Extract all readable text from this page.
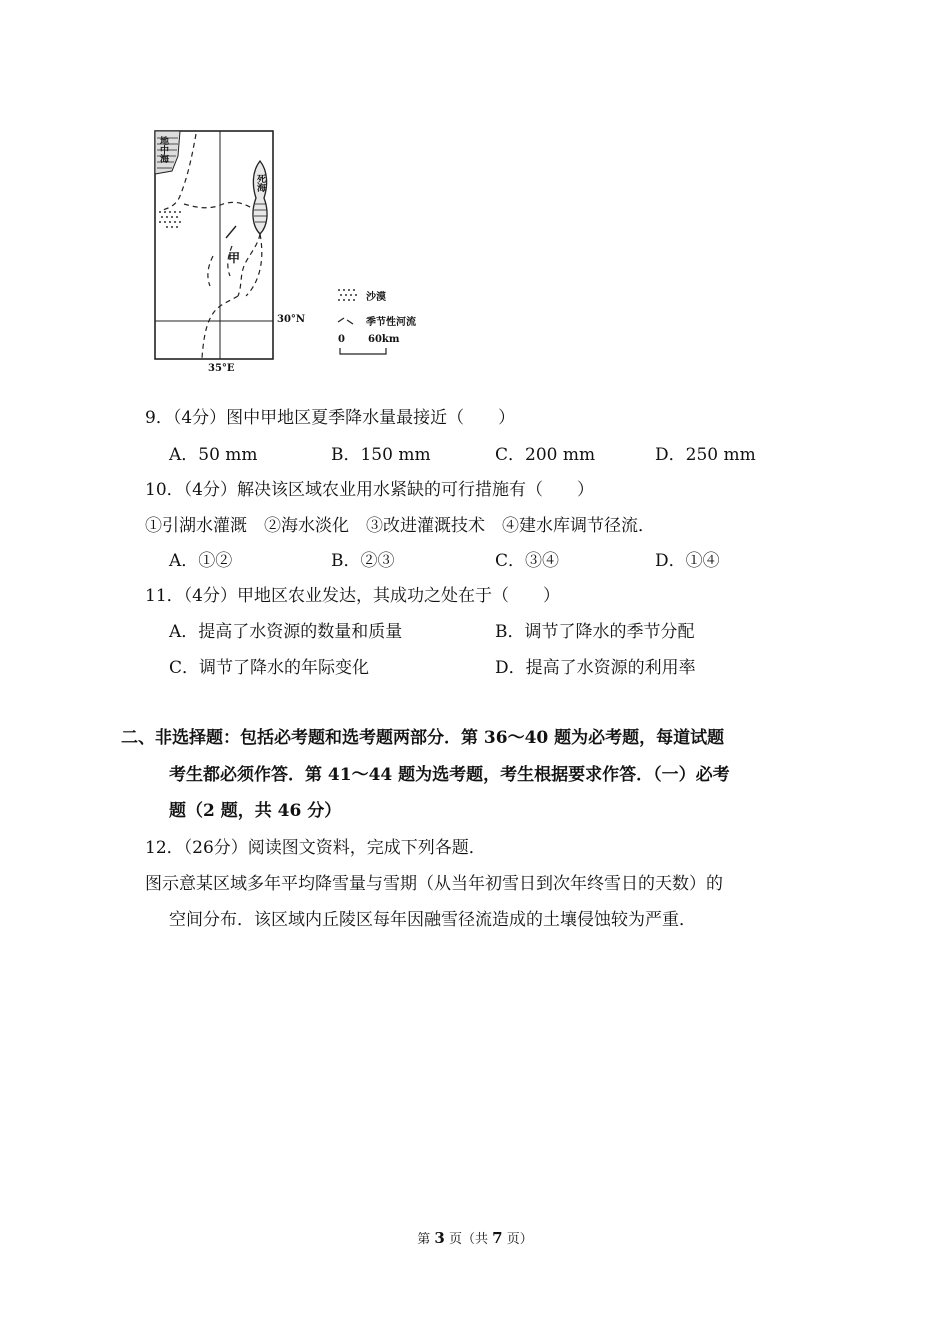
地中海
死海
甲
30°N
35°E
沙漠
季节性河流
0 60km
9．（4分）图中甲地区夏季降水量最接近（　　）
A．50 mm	B．150 mm	C．200 mm	D．250 mm
10．（4分）解决该区域农业用水紧缺的可行措施有（　　）
①引湖水灌溉　②海水淡化　③改进灌溉技术　④建水库调节径流．
A．①②	B．②③	C．③④	D．①④
11．（4分）甲地区农业发达，其成功之处在于（　　）
A．提高了水资源的数量和质量	B．调节了降水的季节分配
C．调节了降水的年际变化	D．提高了水资源的利用率
二、非选择题：包括必考题和选考题两部分．第 36～40 题为必考题，每道试题
考生都必须作答．第 41～44 题为选考题，考生根据要求作答．（一）必考
题（2 题，共 46 分）
12．（26分）阅读图文资料，完成下列各题．
图示意某区域多年平均降雪量与雪期（从当年初雪日到次年终雪日的天数）的
空间分布．该区域内丘陵区每年因融雪径流造成的土壤侵蚀较为严重．
第 3 页（共 7 页）
